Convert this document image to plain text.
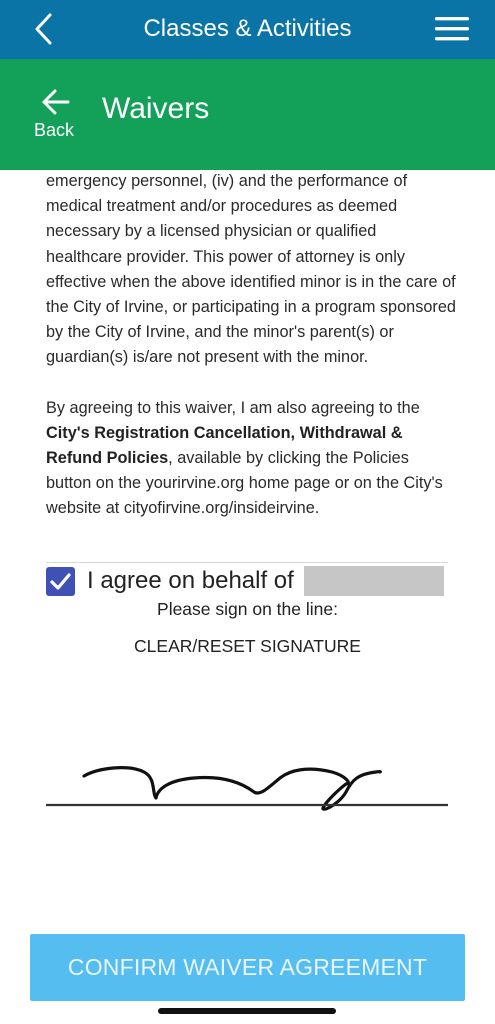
Classes & Activities
Back
Waivers

emergency personnel, (iv) and the performance of medical treatment and/or procedures as deemed necessary by a licensed physician or qualified healthcare provider. This power of attorney is only effective when the above identified minor is in the care of the City of Irvine, or participating in a program sponsored by the City of Irvine, and the minor's parent(s) or guardian(s) is/are not present with the minor.

By agreeing to this waiver, I am also agreeing to the City's Registration Cancellation, Withdrawal & Refund Policies, available by clicking the Policies button on the yourirvine.org home page or on the City's website at cityofirvine.org/insideirvine.

I agree on behalf of
Please sign on the line:
CLEAR/RESET SIGNATURE
CONFIRM WAIVER AGREEMENT
